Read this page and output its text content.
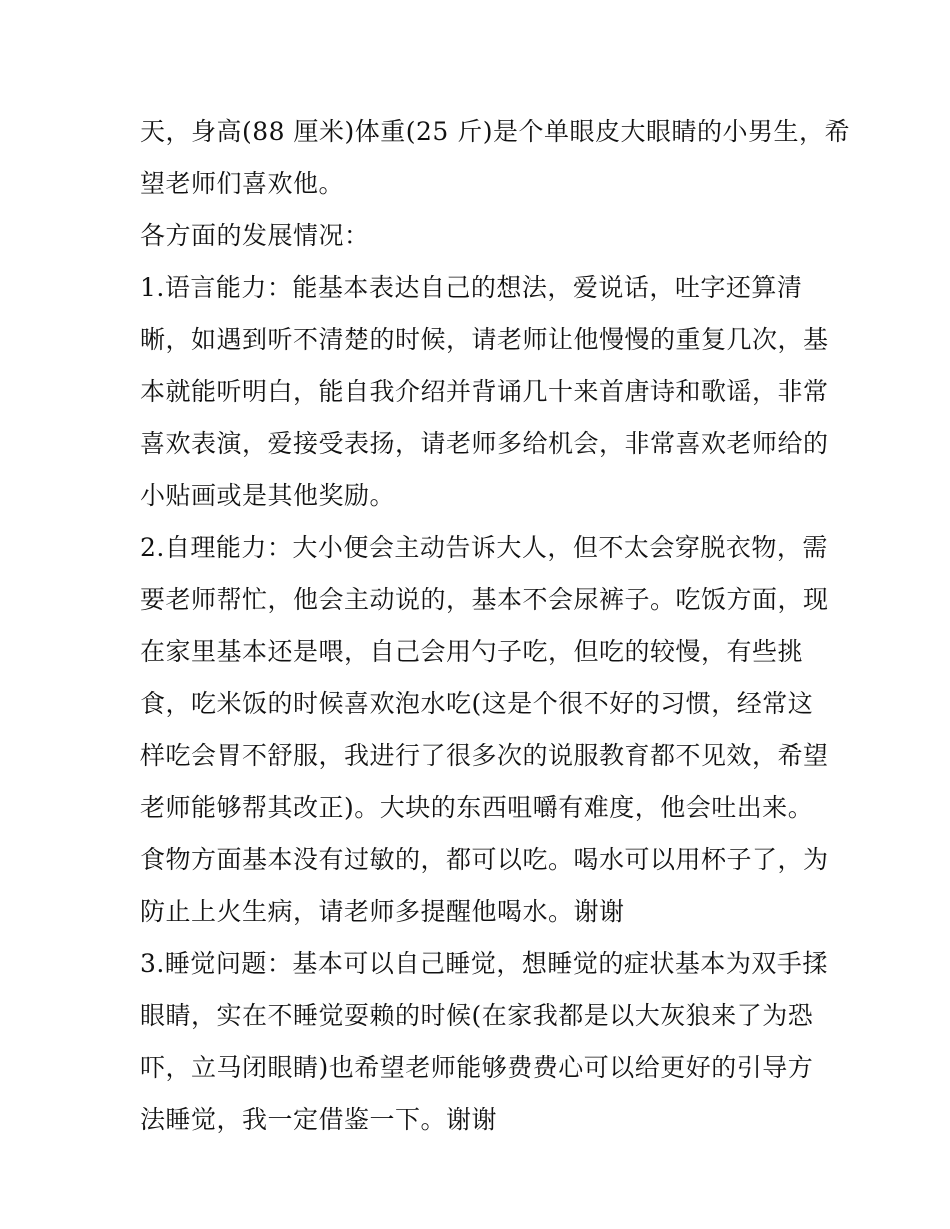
天，身高(88 厘米)体重(25 斤)是个单眼皮大眼睛的小男生，希
望老师们喜欢他。
各方面的发展情况：
1.语言能力：能基本表达自己的想法，爱说话，吐字还算清
晰，如遇到听不清楚的时候，请老师让他慢慢的重复几次，基
本就能听明白，能自我介绍并背诵几十来首唐诗和歌谣，非常
喜欢表演，爱接受表扬，请老师多给机会，非常喜欢老师给的
小贴画或是其他奖励。
2.自理能力：大小便会主动告诉大人，但不太会穿脱衣物，需
要老师帮忙，他会主动说的，基本不会尿裤子。吃饭方面，现
在家里基本还是喂，自己会用勺子吃，但吃的较慢，有些挑
食，吃米饭的时候喜欢泡水吃(这是个很不好的习惯，经常这
样吃会胃不舒服，我进行了很多次的说服教育都不见效，希望
老师能够帮其改正)。大块的东西咀嚼有难度，他会吐出来。
食物方面基本没有过敏的，都可以吃。喝水可以用杯子了，为
防止上火生病，请老师多提醒他喝水。谢谢
3.睡觉问题：基本可以自己睡觉，想睡觉的症状基本为双手揉
眼睛，实在不睡觉耍赖的时候(在家我都是以大灰狼来了为恐
吓，立马闭眼睛)也希望老师能够费费心可以给更好的引导方
法睡觉，我一定借鉴一下。谢谢
